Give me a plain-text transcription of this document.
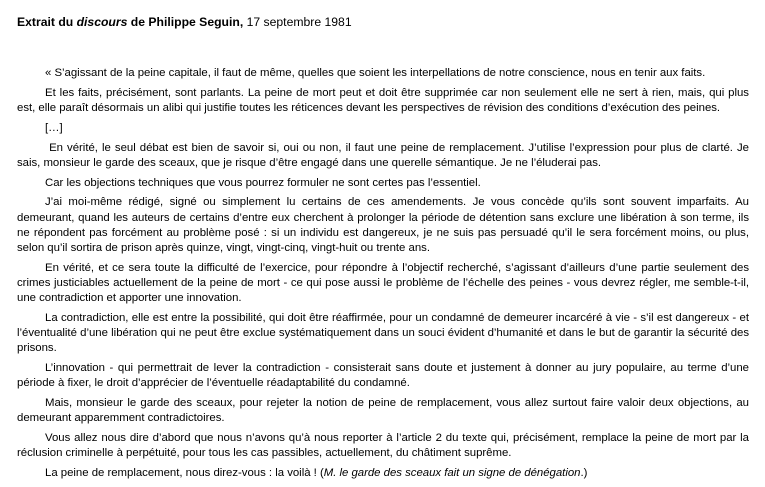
Extrait du discours de Philippe Seguin, 17 septembre 1981

« S’agissant de la peine capitale, il faut de même, quelles que soient les interpellations de notre conscience, nous en tenir aux faits.

Et les faits, précisément, sont parlants. La peine de mort peut et doit être supprimée car non seulement elle ne sert à rien, mais, qui plus est, elle paraît désormais un alibi qui justifie toutes les réticences devant les perspectives de révision des conditions d’exécution des peines.

[…]

En vérité, le seul débat est bien de savoir si, oui ou non, il faut une peine de remplacement. J’utilise l’expression pour plus de clarté. Je sais, monsieur le garde des sceaux, que je risque d’être engagé dans une querelle sémantique. Je ne l’éluderai pas.

Car les objections techniques que vous pourrez formuler ne sont certes pas l’essentiel.

J’ai moi-même rédigé, signé ou simplement lu certains de ces amendements. Je vous concède qu’ils sont souvent imparfaits. Au demeurant, quand les auteurs de certains d’entre eux cherchent à prolonger la période de détention sans exclure une libération à son terme, ils ne répondent pas forcément au problème posé : si un individu est dangereux, je ne suis pas persuadé qu’il le sera forcément moins, ou plus, selon qu’il sortira de prison après quinze, vingt, vingt-cinq, vingt-huit ou trente ans.

En vérité, et ce sera toute la difficulté de l’exercice, pour répondre à l’objectif recherché, s’agissant d’ailleurs d’une partie seulement des crimes justiciables actuellement de la peine de mort - ce qui pose aussi le problème de l’échelle des peines - vous devrez régler, me semble-t-il, une contradiction et apporter une innovation.

La contradiction, elle est entre la possibilité, qui doit être réaffirmée, pour un condamné de demeurer incarcéré à vie - s’il est dangereux - et l’éventualité d’une libération qui ne peut être exclue systématiquement dans un souci évident d’humanité et dans le but de garantir la sécurité des prisons.

L’innovation - qui permettrait de lever la contradiction - consisterait sans doute et justement à donner au jury populaire, au terme d’une période à fixer, le droit d’apprécier de l’éventuelle réadaptabilité du condamné.

Mais, monsieur le garde des sceaux, pour rejeter la notion de peine de remplacement, vous allez surtout faire valoir deux objections, au demeurant apparemment contradictoires.

Vous allez nous dire d’abord que nous n’avons qu’à nous reporter à l’article 2 du texte qui, précisément, remplace la peine de mort par la réclusion criminelle à perpétuité, pour tous les cas passibles, actuellement, du châtiment suprême.

La peine de remplacement, nous direz-vous : la voilà ! (M. le garde des sceaux fait un signe de dénégation.)
